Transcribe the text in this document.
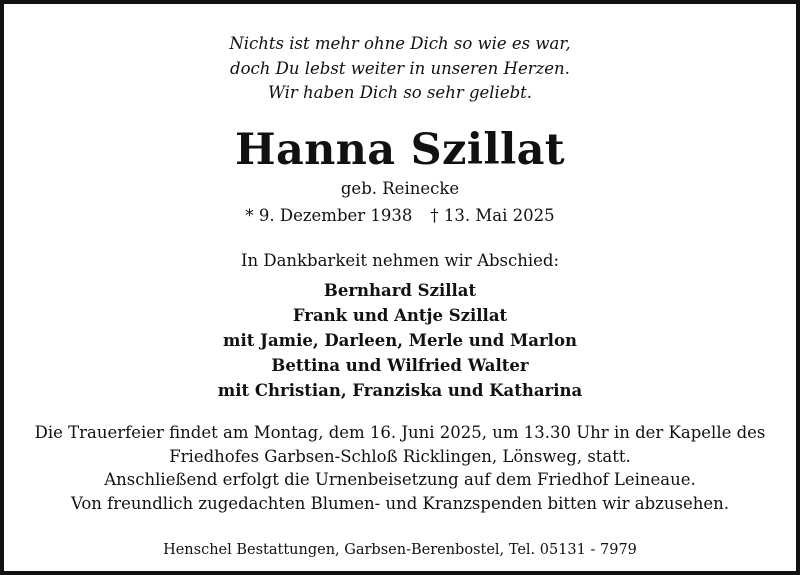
Nichts ist mehr ohne Dich so wie es war,
doch Du lebst weiter in unseren Herzen.
Wir haben Dich so sehr geliebt.
Hanna Szillat
geb. Reinecke
* 9. Dezember 1938 † 13. Mai 2025
In Dankbarkeit nehmen wir Abschied:
Bernhard Szillat
Frank und Antje Szillat
mit Jamie, Darleen, Merle und Marlon
Bettina und Wilfried Walter
mit Christian, Franziska und Katharina
Die Trauerfeier findet am Montag, dem 16. Juni 2025, um 13.30 Uhr in der Kapelle des
Friedhofes Garbsen-Schloß Ricklingen, Lönsweg, statt.
Anschließend erfolgt die Urnenbeisetzung auf dem Friedhof Leineaue.
Von freundlich zugedachten Blumen- und Kranzspenden bitten wir abzusehen.
Henschel Bestattungen, Garbsen-Berenbostel, Tel. 05131 - 7979
